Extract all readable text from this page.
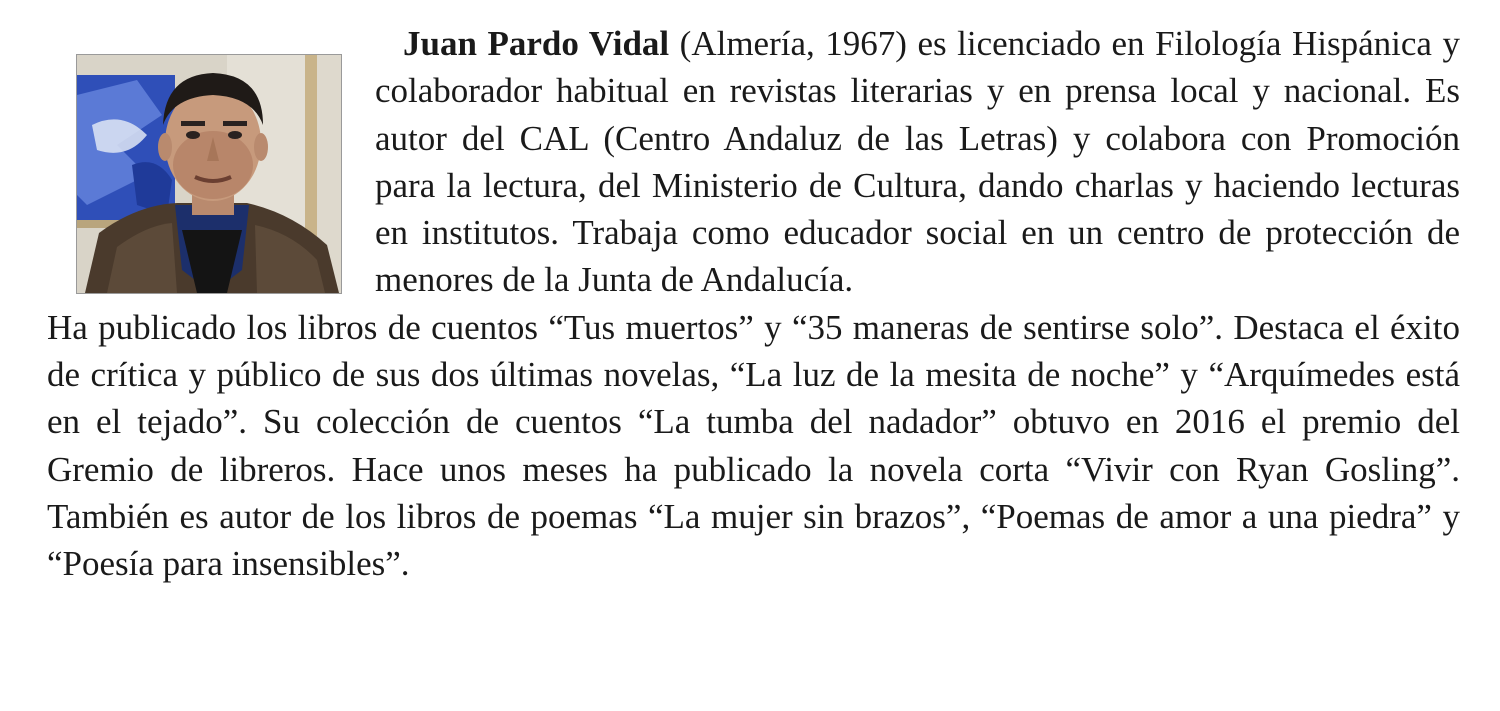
Juan Pardo Vidal (Almería, 1967) es licenciado en Filología Hispánica y colaborador habitual en revistas literarias y en prensa local y nacional. Es autor del CAL (Centro Andaluz de las Letras) y colabora con Promoción para la lectura, del Ministerio de Cultura, dando charlas y haciendo lecturas en institutos. Trabaja como educador social en un centro de protección de menores de la Junta de Andalucía.

Ha publicado los libros de cuentos “Tus muertos” y “35 maneras de sentirse solo”. Destaca el éxito de crítica y público de sus dos últimas novelas, “La luz de la mesita de noche” y “Arquímedes está en el tejado”. Su colección de cuentos “La tumba del nadador” obtuvo en 2016 el premio del Gremio de libreros. Hace unos meses ha publicado la novela corta “Vivir con Ryan Gosling”. También es autor de los libros de poemas “La mujer sin brazos”, “Poemas de amor a una piedra” y “Poesía para insensibles”.
